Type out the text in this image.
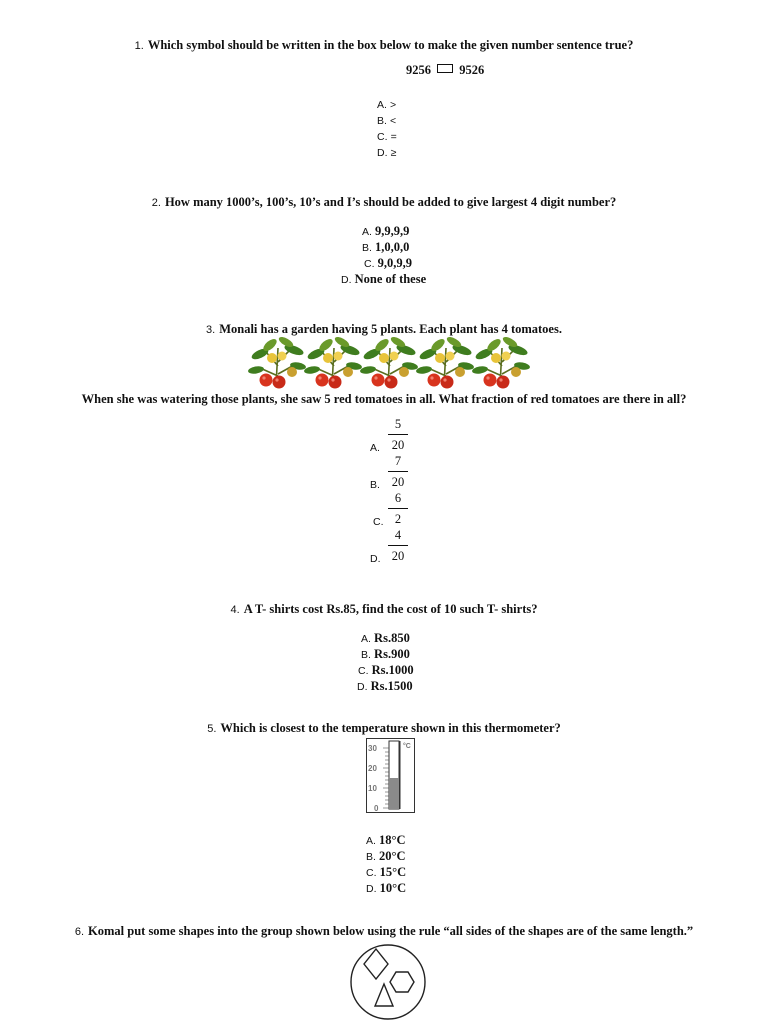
1. Which symbol should be written in the box below to make the given number sentence true?
9256 9526
A. >
B. <
C. =
D. ≥
2. How many 1000’s, 100’s, 10’s and I’s should be added to give largest 4 digit number?
A. 9,9,9,9
B. 1,0,0,0
C. 9,0,9,9
D. None of these
3. Monali has a garden having 5 plants. Each plant has 4 tomatoes.
When she was watering those plants, she saw 5 red tomatoes in all. What fraction of red tomatoes are there in all?
A. $\frac{5}{20}$
B. $\frac{7}{20}$
C. $\frac{6}{2}$
D. $\frac{4}{20}$
4. A T- shirts cost Rs.85, find the cost of 10 such T- shirts?
A. Rs.850
B. Rs.900
C. Rs.1000
D. Rs.1500
5. Which is closest to the temperature shown in this thermometer?
30
20
10
0
°C
A. 18°C
B. 20°C
C. 15°C
D. 10°C
6. Komal put some shapes into the group shown below using the rule “all sides of the shapes are of the same length.”
